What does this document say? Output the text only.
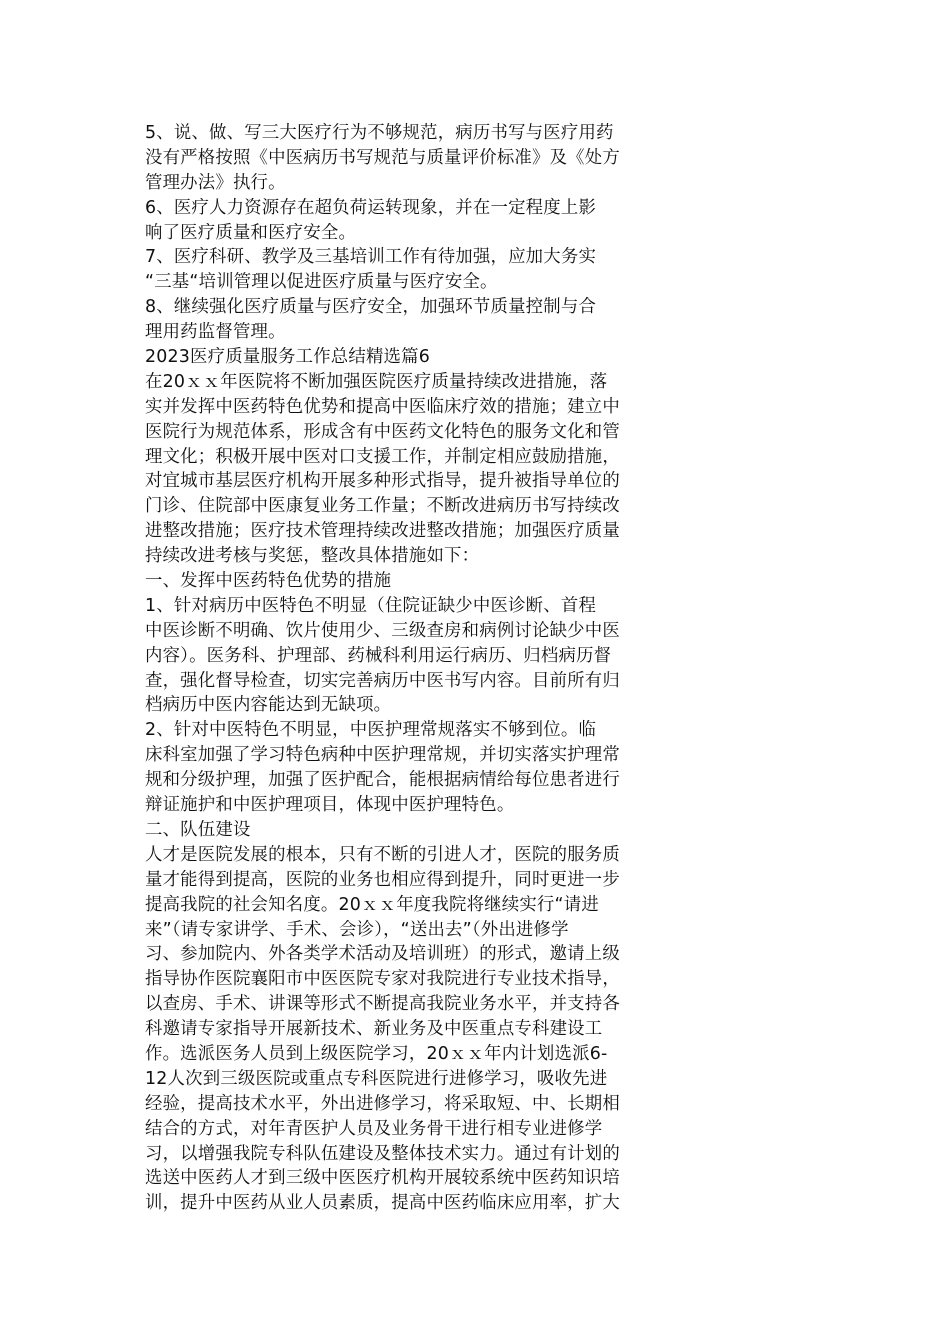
5、说、做、写三大医疗行为不够规范，病历书写与医疗用药
没有严格按照《中医病历书写规范与质量评价标准》及《处方
管理办法》执行。
6、医疗人力资源存在超负荷运转现象，并在一定程度上影
响了医疗质量和医疗安全。
7、医疗科研、教学及三基培训工作有待加强，应加大务实
“三基“培训管理以促进医疗质量与医疗安全。
8、继续强化医疗质量与医疗安全，加强环节质量控制与合
理用药监督管理。
2023医疗质量服务工作总结精选篇6
在20ｘｘ年医院将不断加强医院医疗质量持续改进措施，落
实并发挥中医药特色优势和提高中医临床疗效的措施；建立中
医院行为规范体系，形成含有中医药文化特色的服务文化和管
理文化；积极开展中医对口支援工作，并制定相应鼓励措施，
对宜城市基层医疗机构开展多种形式指导，提升被指导单位的
门诊、住院部中医康复业务工作量；不断改进病历书写持续改
进整改措施；医疗技术管理持续改进整改措施；加强医疗质量
持续改进考核与奖惩，整改具体措施如下：
一、发挥中医药特色优势的措施
1、针对病历中医特色不明显（住院证缺少中医诊断、首程
中医诊断不明确、饮片使用少、三级查房和病例讨论缺少中医
内容）。医务科、护理部、药械科利用运行病历、归档病历督
查，强化督导检查，切实完善病历中医书写内容。目前所有归
档病历中医内容能达到无缺项。
2、针对中医特色不明显，中医护理常规落实不够到位。临
床科室加强了学习特色病种中医护理常规，并切实落实护理常
规和分级护理，加强了医护配合，能根据病情给每位患者进行
辩证施护和中医护理项目，体现中医护理特色。
二、队伍建设
人才是医院发展的根本，只有不断的引进人才，医院的服务质
量才能得到提高，医院的业务也相应得到提升，同时更进一步
提高我院的社会知名度。20ｘｘ年度我院将继续实行“请进
来”（请专家讲学、手术、会诊），“送出去”（外出进修学
习、参加院内、外各类学术活动及培训班）的形式，邀请上级
指导协作医院襄阳市中医医院专家对我院进行专业技术指导，
以查房、手术、讲课等形式不断提高我院业务水平，并支持各
科邀请专家指导开展新技术、新业务及中医重点专科建设工
作。选派医务人员到上级医院学习，20ｘｘ年内计划选派6-
12人次到三级医院或重点专科医院进行进修学习，吸收先进
经验，提高技术水平，外出进修学习，将采取短、中、长期相
结合的方式，对年青医护人员及业务骨干进行相专业进修学
习，以增强我院专科队伍建设及整体技术实力。通过有计划的
选送中医药人才到三级中医医疗机构开展较系统中医药知识培
训，提升中医药从业人员素质，提高中医药临床应用率，扩大
